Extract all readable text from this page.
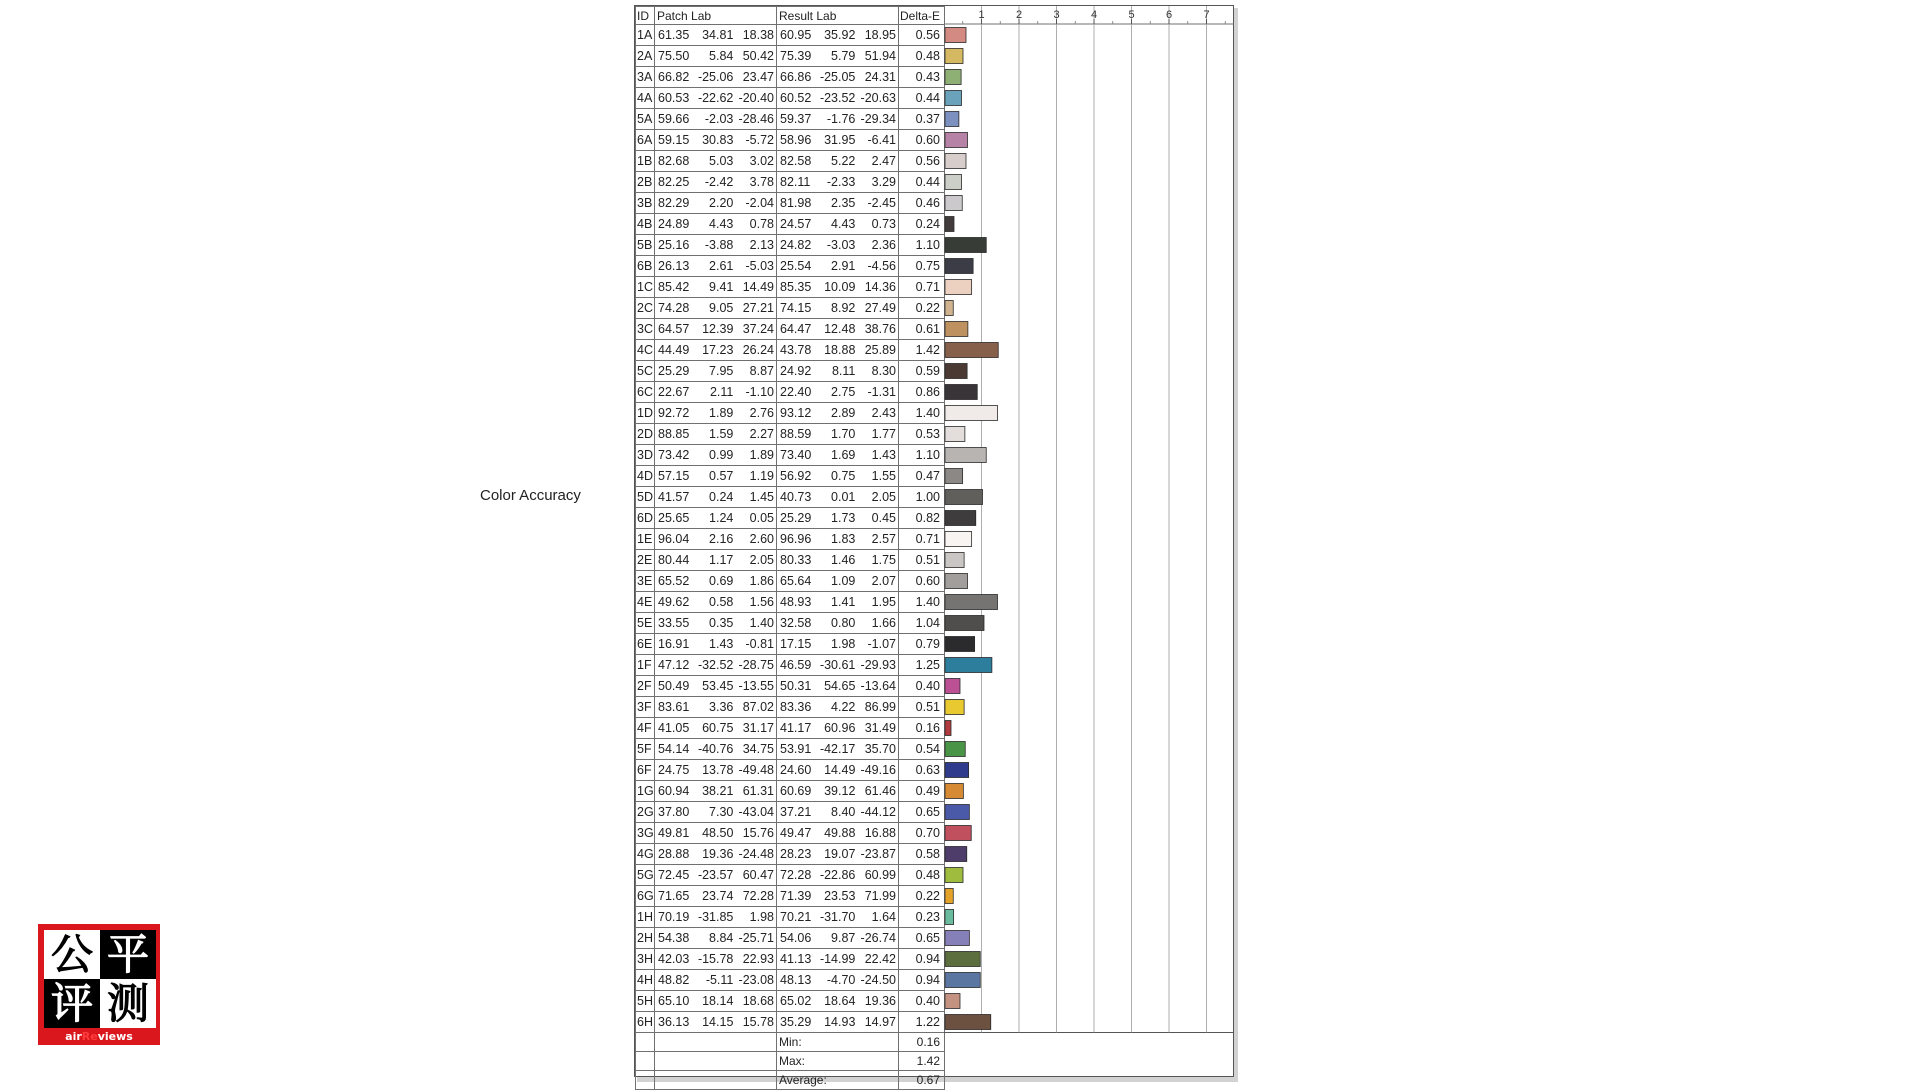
Color Accuracy
ID	Patch Lab	Result Lab	Delta-E
1A	61.35 34.81 18.38	60.95 35.92 18.95	0.56
2A	75.50 5.84 50.42	75.39 5.79 51.94	0.48
3A	66.82 -25.06 23.47	66.86 -25.05 24.31	0.43
4A	60.53 -22.62 -20.40	60.52 -23.52 -20.63	0.44
5A	59.66 -2.03 -28.46	59.37 -1.76 -29.34	0.37
6A	59.15 30.83 -5.72	58.96 31.95 -6.41	0.60
1B	82.68 5.03 3.02	82.58 5.22 2.47	0.56
2B	82.25 -2.42 3.78	82.11 -2.33 3.29	0.44
3B	82.29 2.20 -2.04	81.98 2.35 -2.45	0.46
4B	24.89 4.43 0.78	24.57 4.43 0.73	0.24
5B	25.16 -3.88 2.13	24.82 -3.03 2.36	1.10
6B	26.13 2.61 -5.03	25.54 2.91 -4.56	0.75
1C	85.42 9.41 14.49	85.35 10.09 14.36	0.71
2C	74.28 9.05 27.21	74.15 8.92 27.49	0.22
3C	64.57 12.39 37.24	64.47 12.48 38.76	0.61
4C	44.49 17.23 26.24	43.78 18.88 25.89	1.42
5C	25.29 7.95 8.87	24.92 8.11 8.30	0.59
6C	22.67 2.11 -1.10	22.40 2.75 -1.31	0.86
1D	92.72 1.89 2.76	93.12 2.89 2.43	1.40
2D	88.85 1.59 2.27	88.59 1.70 1.77	0.53
3D	73.42 0.99 1.89	73.40 1.69 1.43	1.10
4D	57.15 0.57 1.19	56.92 0.75 1.55	0.47
5D	41.57 0.24 1.45	40.73 0.01 2.05	1.00
6D	25.65 1.24 0.05	25.29 1.73 0.45	0.82
1E	96.04 2.16 2.60	96.96 1.83 2.57	0.71
2E	80.44 1.17 2.05	80.33 1.46 1.75	0.51
3E	65.52 0.69 1.86	65.64 1.09 2.07	0.60
4E	49.62 0.58 1.56	48.93 1.41 1.95	1.40
5E	33.55 0.35 1.40	32.58 0.80 1.66	1.04
6E	16.91 1.43 -0.81	17.15 1.98 -1.07	0.79
1F	47.12 -32.52 -28.75	46.59 -30.61 -29.93	1.25
2F	50.49 53.45 -13.55	50.31 54.65 -13.64	0.40
3F	83.61 3.36 87.02	83.36 4.22 86.99	0.51
4F	41.05 60.75 31.17	41.17 60.96 31.49	0.16
5F	54.14 -40.76 34.75	53.91 -42.17 35.70	0.54
6F	24.75 13.78 -49.48	24.60 14.49 -49.16	0.63
1G	60.94 38.21 61.31	60.69 39.12 61.46	0.49
2G	37.80 7.30 -43.04	37.21 8.40 -44.12	0.65
3G	49.81 48.50 15.76	49.47 49.88 16.88	0.70
4G	28.88 19.36 -24.48	28.23 19.07 -23.87	0.58
5G	72.45 -23.57 60.47	72.28 -22.86 60.99	0.48
6G	71.65 23.74 72.28	71.39 23.53 71.99	0.22
1H	70.19 -31.85 1.98	70.21 -31.70 1.64	0.23
2H	54.38 8.84 -25.71	54.06 9.87 -26.74	0.65
3H	42.03 -15.78 22.93	41.13 -14.99 22.42	0.94
4H	48.82 -5.11 -23.08	48.13 -4.70 -24.50	0.94
5H	65.10 18.14 18.68	65.02 18.64 19.36	0.40
6H	36.13 14.15 15.78	35.29 14.93 14.97	1.22
		Min:	0.16
		Max:	1.42
		Average:	0.67
1	2	3	4	5	6	7
公 平
评 测
airReviews
